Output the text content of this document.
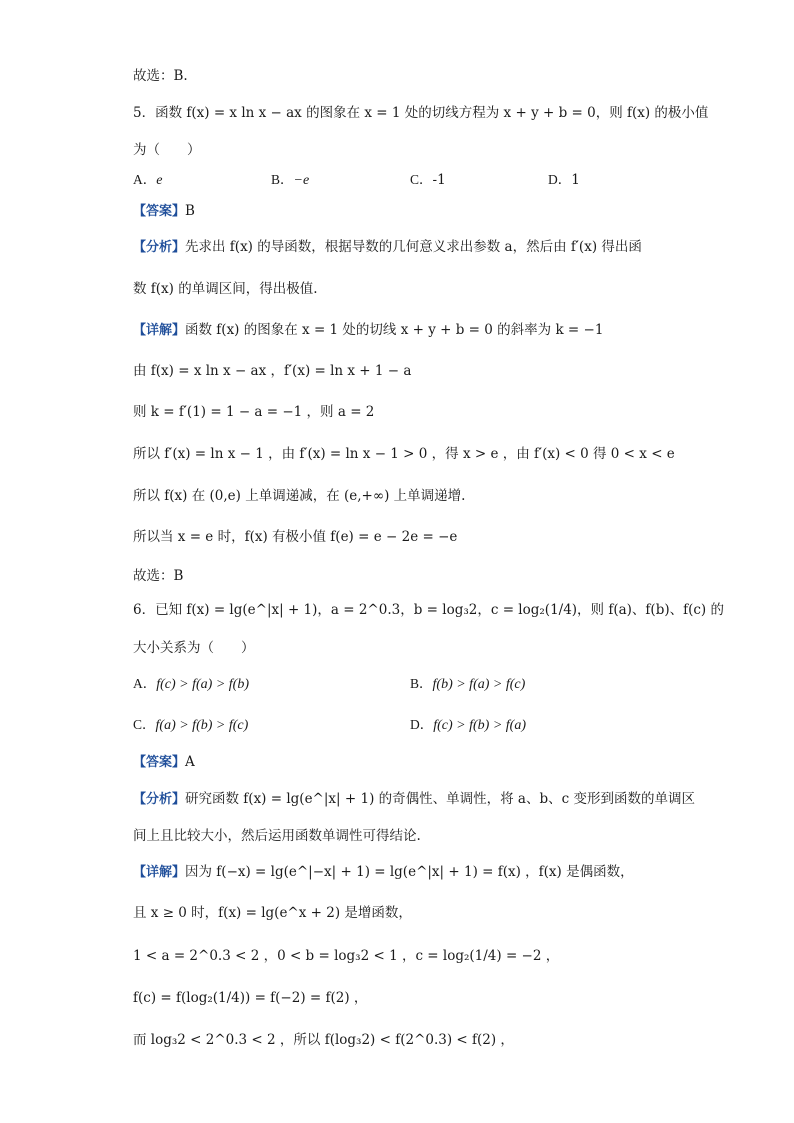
故选：B.
5．函数 f(x) = x ln x − ax 的图象在 x = 1 处的切线方程为 x + y + b = 0，则 f(x) 的极小值
为（　　）
A．e	B．−e	C．-1	D．1
【答案】B
【分析】先求出 f(x) 的导函数，根据导数的几何意义求出参数 a，然后由 f′(x) 得出函
数 f(x) 的单调区间，得出极值.
【详解】函数 f(x) 的图象在 x = 1 处的切线 x + y + b = 0 的斜率为 k = −1
由 f(x) = x ln x − ax ，f′(x) = ln x + 1 − a
则 k = f′(1) = 1 − a = −1 ，则 a = 2
所以 f′(x) = ln x − 1 ，由 f′(x) = ln x − 1 > 0 ，得 x > e ，由 f′(x) < 0 得 0 < x < e
所以 f(x) 在 (0,e) 上单调递减，在 (e,+∞) 上单调递增.
所以当 x = e 时，f(x) 有极小值 f(e) = e − 2e = −e
故选：B
6．已知 f(x) = lg(e^|x| + 1)，a = 2^0.3，b = log₃2，c = log₂(1/4)，则 f(a)、f(b)、f(c) 的
大小关系为（　　）
A．f(c) > f(a) > f(b)	B．f(b) > f(a) > f(c)
C．f(a) > f(b) > f(c)	D．f(c) > f(b) > f(a)
【答案】A
【分析】研究函数 f(x) = lg(e^|x| + 1) 的奇偶性、单调性，将 a、b、c 变形到函数的单调区
间上且比较大小，然后运用函数单调性可得结论.
【详解】因为 f(−x) = lg(e^|−x| + 1) = lg(e^|x| + 1) = f(x) ，f(x) 是偶函数，
且 x ≥ 0 时，f(x) = lg(e^x + 2) 是增函数，
1 < a = 2^0.3 < 2 ，0 < b = log₃2 < 1 ，c = log₂(1/4) = −2 ，
f(c) = f(log₂(1/4)) = f(−2) = f(2) ，
而 log₃2 < 2^0.3 < 2 ，所以 f(log₃2) < f(2^0.3) < f(2) ，
